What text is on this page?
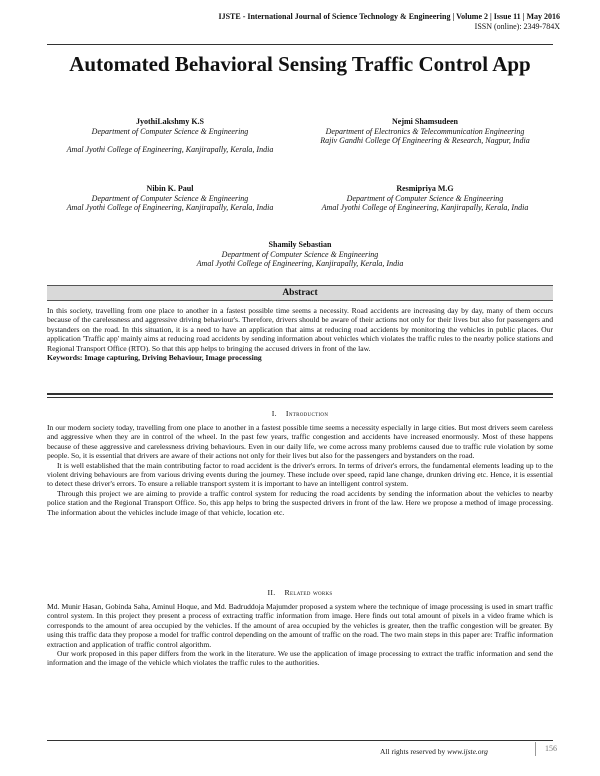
IJSTE - International Journal of Science Technology & Engineering | Volume 2 | Issue 11 | May 2016
ISSN (online): 2349-784X
Automated Behavioral Sensing Traffic Control App
JyothiLakshmy K.S
Department of Computer Science & Engineering
Amal Jyothi College of Engineering, Kanjirapally, Kerala, India
Nejmi Shamsudeen
Department of Electronics & Telecommunication Engineering
Rajiv Gandhi College Of Engineering & Research, Nagpur, India
Nibin K. Paul
Department of Computer Science & Engineering
Amal Jyothi College of Engineering, Kanjirapally, Kerala, India
Resmipriya M.G
Department of Computer Science & Engineering
Amal Jyothi College of Engineering, Kanjirapally, Kerala, India
Shamily Sebastian
Department of Computer Science & Engineering
Amal Jyothi College of Engineering, Kanjirapally, Kerala, India
Abstract

In this society, travelling from one place to another in a fastest possible time seems a necessity. Road accidents are increasing day by day, many of them occurs because of the carelessness and aggressive driving behaviour's. Therefore, drivers should be aware of their actions not only for their lives but also for passengers and bystanders on the road. In this situation, it is a need to have an application that aims at reducing road accidents by monitoring the vehicles in public places. Our application 'Traffic app' mainly aims at reducing road accidents by sending information about vehicles which violates the traffic rules to the nearby police stations and Regional Transport Office (RTO). So that this app helps to bringing the accused drivers in front of the law.

Keywords: Image capturing, Driving Behaviour, Image processing

I. Introduction

In our modern society today, travelling from one place to another in a fastest possible time seems a necessity especially in large cities. But most drivers seem careless and aggressive when they are in control of the wheel. In the past few years, traffic congestion and accidents have increased enormously. Most of these happens because of these aggressive and carelessness driving behaviours. Even in our daily life, we come across many problems caused due to traffic rule violation by some people. So, it is essential that drivers are aware of their actions not only for their lives but also for the passengers and bystanders on the road.

It is well established that the main contributing factor to road accident is the driver's errors. In terms of driver's errors, the fundamental elements leading up to the violent driving behaviours are from various driving events during the journey. These include over speed, rapid lane change, drunken driving etc. Hence, it is essential to detect these driver's errors. To ensure a reliable transport system it is important to have an intelligent control system.

Through this project we are aiming to provide a traffic control system for reducing the road accidents by sending the information about the vehicles to nearby police station and the Regional Transport Office. So, this app helps to bring the suspected drivers in front of the law. Here we propose a method of image processing. The information about the vehicles include image of that vehicle, location etc.

II. Related works

Md. Munir Hasan, Gobinda Saha, Aminul Hoque, and Md. Badruddoja Majumder proposed a system where the technique of image processing is used in smart traffic control system. In this project they present a process of extracting traffic information from image. Here finds out total amount of pixels in a video frame which is corresponds to the amount of area occupied by the vehicles. If the amount of area occupied by the vehicles is greater, then the traffic congestion will be greater. By using this traffic data they propose a model for traffic control depending on the amount of traffic on the road. The two main steps in this paper are: Traffic information extraction and application of traffic control algorithm.

Our work proposed in this paper differs from the work in the literature. We use the application of image processing to extract the traffic information and send the information and the image of the vehicle which violates the traffic rules to the authorities.

All rights reserved by www.ijste.org	156
